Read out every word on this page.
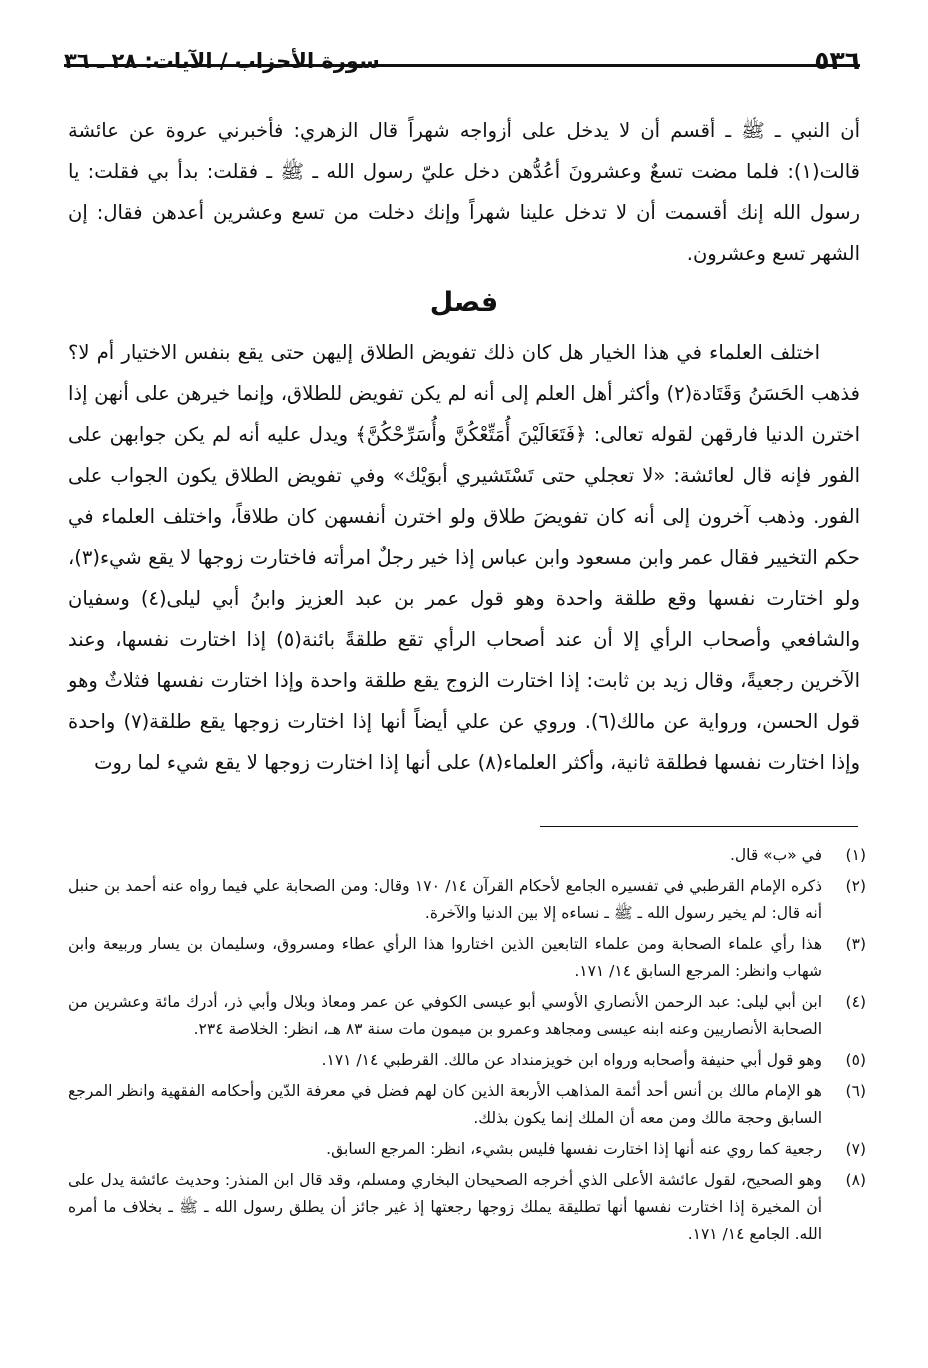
٥٣٦
سورة الأحزاب / الآيات: ٢٨ ـ ٣٦

أن النبي ـ ﷺ ـ أقسم أن لا يدخل على أزواجه شهراً قال الزهري: فأخبرني عروة عن عائشة قالت(١): فلما مضت تسعٌ وعشرونَ أعُدُّهن دخل عليّ رسول الله ـ ﷺ ـ فقلت: بدأ بي فقلت: يا رسول الله إنك أقسمت أن لا تدخل علينا شهراً وإنك دخلت من تسع وعشرين أعدهن فقال: إن الشهر تسع وعشرون.

فصل

اختلف العلماء في هذا الخيار هل كان ذلك تفويض الطلاق إليهن حتى يقع بنفس الاختيار أم لا؟ فذهب الحَسَنُ وَقَتَادة(٢) وأكثر أهل العلم إلى أنه لم يكن تفويض للطلاق، وإنما خيرهن على أنهن إذا اخترن الدنيا فارقهن لقوله تعالى: ﴿فَتَعَالَيْنَ أُمَتِّعْكُنَّ وأُسَرِّحْكُنَّ﴾ ويدل عليه أنه لم يكن جوابهن على الفور فإنه قال لعائشة: «لا تعجلي حتى تَسْتَشيري أبوَيْك» وفي تفويض الطلاق يكون الجواب على الفور. وذهب آخرون إلى أنه كان تفويضَ طلاق ولو اخترن أنفسهن كان طلاقاً، واختلف العلماء في حكم التخيير فقال عمر وابن مسعود وابن عباس إذا خير رجلٌ امرأته فاختارت زوجها لا يقع شيء(٣)، ولو اختارت نفسها وقع طلقة واحدة وهو قول عمر بن عبد العزيز وابنُ أبي ليلى(٤) وسفيان والشافعي وأصحاب الرأي إلا أن عند أصحاب الرأي تقع طلقةً بائنة(٥) إذا اختارت نفسها، وعند الآخرين رجعيةً، وقال زيد بن ثابت: إذا اختارت الزوج يقع طلقة واحدة وإذا اختارت نفسها فثلاثٌ وهو قول الحسن، ورواية عن مالك(٦). وروي عن علي أيضاً أنها إذا اختارت زوجها يقع طلقة(٧) واحدة وإذا اختارت نفسها فطلقة ثانية، وأكثر العلماء(٨) على أنها إذا اختارت زوجها لا يقع شيء لما روت

(١)
في «ب» قال.
(٢)
ذكره الإمام القرطبي في تفسيره الجامع لأحكام القرآن ١٤/ ١٧٠ وقال: ومن الصحابة علي فيما رواه عنه أحمد بن حنبل أنه قال: لم يخير رسول الله ـ ﷺ ـ نساءه إلا بين الدنيا والآخرة.
(٣)
هذا رأي علماء الصحابة ومن علماء التابعين الذين اختاروا هذا الرأي عطاء ومسروق، وسليمان بن يسار وربيعة وابن شهاب وانظر: المرجع السابق ١٤/ ١٧١.
(٤)
ابن أبي ليلى: عبد الرحمن الأنصاري الأوسي أبو عيسى الكوفي عن عمر ومعاذ وبلال وأبي ذر، أدرك مائة وعشرين من الصحابة الأنصاريين وعنه ابنه عيسى ومجاهد وعمرو بن ميمون مات سنة ٨٣ هـ، انظر: الخلاصة ٢٣٤.
(٥)
وهو قول أبي حنيفة وأصحابه ورواه ابن خويزمنداد عن مالك. القرطبي ١٤/ ١٧١.
(٦)
هو الإمام مالك بن أنس أحد أئمة المذاهب الأربعة الذين كان لهم فضل في معرفة الدّين وأحكامه الفقهية وانظر المرجع السابق وحجة مالك ومن معه أن الملك إنما يكون بذلك.
(٧)
رجعية كما روي عنه أنها إذا اختارت نفسها فليس بشيء، انظر: المرجع السابق.
(٨)
وهو الصحيح، لقول عائشة الأعلى الذي أخرجه الصحيحان البخاري ومسلم، وقد قال ابن المنذر: وحديث عائشة يدل على أن المخيرة إذا اختارت نفسها أنها تطليقة يملك زوجها رجعتها إذ غير جائز أن يطلق رسول الله ـ ﷺ ـ بخلاف ما أمره الله. الجامع ١٤/ ١٧١.
